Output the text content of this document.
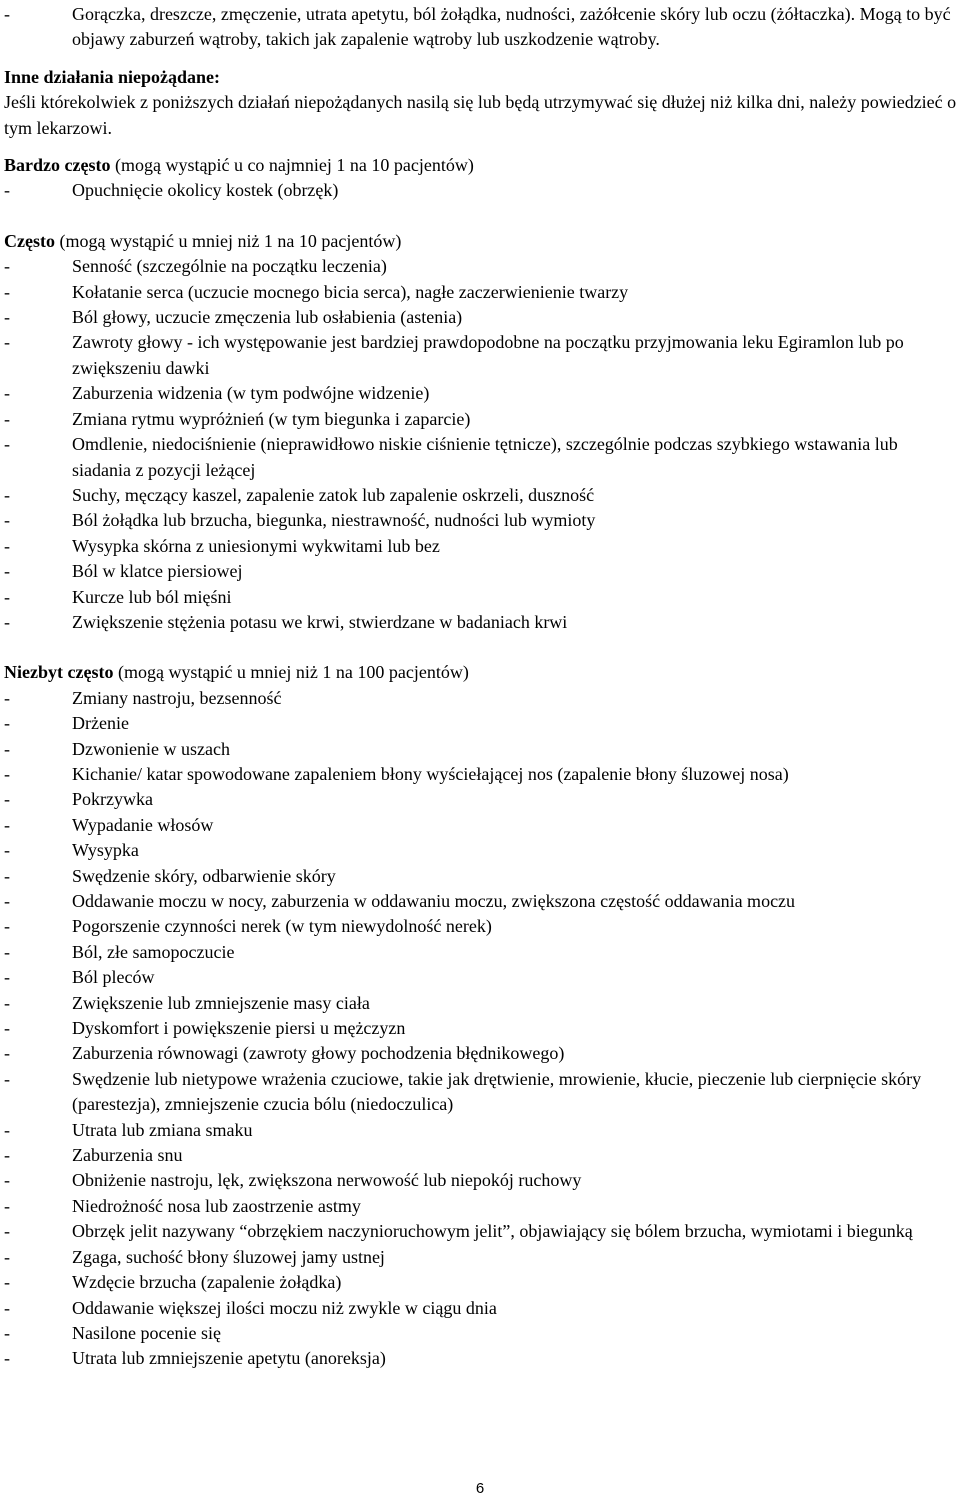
-	Gorączka, dreszcze, zmęczenie, utrata apetytu, ból żołądka, nudności, zażółcenie skóry lub oczu (żółtaczka). Mogą to być objawy zaburzeń wątroby, takich jak zapalenie wątroby lub uszkodzenie wątroby.
Inne działania niepożądane:
Jeśli którekolwiek z poniższych działań niepożądanych nasilą się lub będą utrzymywać się dłużej niż kilka dni, należy powiedzieć o tym lekarzowi.
Bardzo często (mogą wystąpić u co najmniej 1 na 10 pacjentów)
-	Opuchnięcie okolicy kostek (obrzęk)
Często (mogą wystąpić u mniej niż 1 na 10 pacjentów)
-	Senność (szczególnie na początku leczenia)
-	Kołatanie serca (uczucie mocnego bicia serca), nagłe zaczerwienienie twarzy
-	Ból głowy, uczucie zmęczenia lub osłabienia (astenia)
-	Zawroty głowy - ich występowanie jest bardziej prawdopodobne na początku przyjmowania leku Egiramlon lub po zwiększeniu dawki
-	Zaburzenia widzenia (w tym podwójne widzenie)
-	Zmiana rytmu wypróżnień (w tym biegunka i zaparcie)
-	Omdlenie, niedociśnienie (nieprawidłowo niskie ciśnienie tętnicze), szczególnie podczas szybkiego wstawania lub siadania z pozycji leżącej
-	Suchy, męczący kaszel, zapalenie zatok lub zapalenie oskrzeli, duszność
-	Ból żołądka lub brzucha, biegunka, niestrawność, nudności lub wymioty
-	Wysypka skórna z uniesionymi wykwitami lub bez
-	Ból w klatce piersiowej
-	Kurcze lub ból mięśni
-	Zwiększenie stężenia potasu we krwi, stwierdzane w badaniach krwi
Niezbyt często (mogą wystąpić u mniej niż 1 na 100 pacjentów)
-	Zmiany nastroju, bezsenność
-	Drżenie
-	Dzwonienie w uszach
-	Kichanie/ katar spowodowane zapaleniem błony wyściełającej nos (zapalenie błony śluzowej nosa)
-	Pokrzywka
-	Wypadanie włosów
-	Wysypka
-	Swędzenie skóry, odbarwienie skóry
-	Oddawanie moczu w nocy, zaburzenia w oddawaniu moczu, zwiększona częstość oddawania moczu
-	Pogorszenie czynności nerek (w tym niewydolność nerek)
-	Ból, złe samopoczucie
-	Ból pleców
-	Zwiększenie lub zmniejszenie masy ciała
-	Dyskomfort i powiększenie piersi u mężczyzn
-	Zaburzenia równowagi (zawroty głowy pochodzenia błędnikowego)
-	Swędzenie lub nietypowe wrażenia czuciowe, takie jak drętwienie, mrowienie, kłucie, pieczenie lub cierpnięcie skóry (parestezja), zmniejszenie czucia bólu (niedoczulica)
-	Utrata lub zmiana smaku
-	Zaburzenia snu
-	Obniżenie nastroju, lęk, zwiększona nerwowość lub niepokój ruchowy
-	Niedrożność nosa lub zaostrzenie astmy
-	Obrzęk jelit nazywany “obrzękiem naczynioruchowym jelit”, objawiający się bólem brzucha, wymiotami i biegunką
-	Zgaga, suchość błony śluzowej jamy ustnej
-	Wzdęcie brzucha (zapalenie żołądka)
-	Oddawanie większej ilości moczu niż zwykle w ciągu dnia
-	Nasilone pocenie się
-	Utrata lub zmniejszenie apetytu (anoreksja)
6
